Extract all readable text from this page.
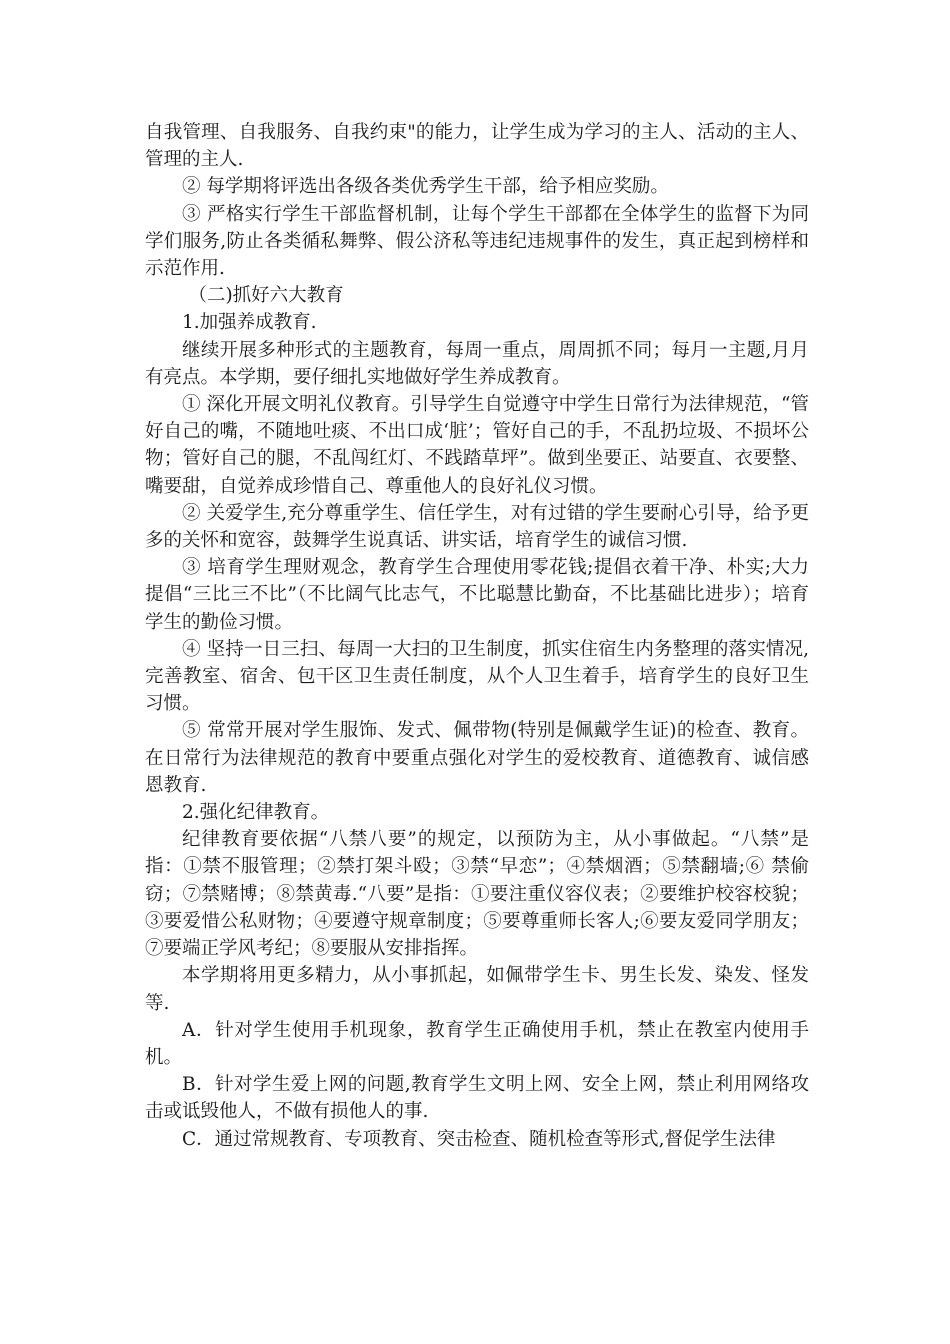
自我管理、自我服务、自我约束"的能力，让学生成为学习的主人、活动的主人、管理的主人.

② 每学期将评选出各级各类优秀学生干部，给予相应奖励。

③ 严格实行学生干部监督机制，让每个学生干部都在全体学生的监督下为同学们服务,防止各类循私舞弊、假公济私等违纪违规事件的发生，真正起到榜样和示范作用.

（二)抓好六大教育

1.加强养成教育.

继续开展多种形式的主题教育，每周一重点，周周抓不同；每月一主题,月月有亮点。本学期，要仔细扎实地做好学生养成教育。

① 深化开展文明礼仪教育。引导学生自觉遵守中学生日常行为法律规范，“管好自己的嘴，不随地吐痰、不出口成‘脏’；管好自己的手，不乱扔垃圾、不损坏公物；管好自己的腿，不乱闯红灯、不践踏草坪”。做到坐要正、站要直、衣要整、嘴要甜，自觉养成珍惜自己、尊重他人的良好礼仪习惯。

② 关爱学生,充分尊重学生、信任学生，对有过错的学生要耐心引导，给予更多的关怀和宽容，鼓舞学生说真话、讲实话，培育学生的诚信习惯.

③ 培育学生理财观念，教育学生合理使用零花钱;提倡衣着干净、朴实;大力提倡“三比三不比”（不比阔气比志气，不比聪慧比勤奋，不比基础比进步）；培育学生的勤俭习惯。

④ 坚持一日三扫、每周一大扫的卫生制度，抓实住宿生内务整理的落实情况,完善教室、宿舍、包干区卫生责任制度，从个人卫生着手，培育学生的良好卫生习惯。

⑤ 常常开展对学生服饰、发式、佩带物(特别是佩戴学生证)的检查、教育。在日常行为法律规范的教育中要重点强化对学生的爱校教育、道德教育、诚信感恩教育.

2.强化纪律教育。

纪律教育要依据“八禁八要”的规定，以预防为主，从小事做起。“八禁”是指：①禁不服管理；②禁打架斗殴；③禁“早恋”；④禁烟酒；⑤禁翻墙;⑥ 禁偷窃；⑦禁赌博；⑧禁黄毒.“八要”是指：①要注重仪容仪表；②要维护校容校貌；③要爱惜公私财物；④要遵守规章制度；⑤要尊重师长客人;⑥要友爱同学朋友；⑦要端正学风考纪；⑧要服从安排指挥。

本学期将用更多精力，从小事抓起，如佩带学生卡、男生长发、染发、怪发等.

A．针对学生使用手机现象，教育学生正确使用手机，禁止在教室内使用手机。

B．针对学生爱上网的问题,教育学生文明上网、安全上网，禁止利用网络攻击或诋毁他人，不做有损他人的事.

C．通过常规教育、专项教育、突击检查、随机检查等形式,督促学生法律
